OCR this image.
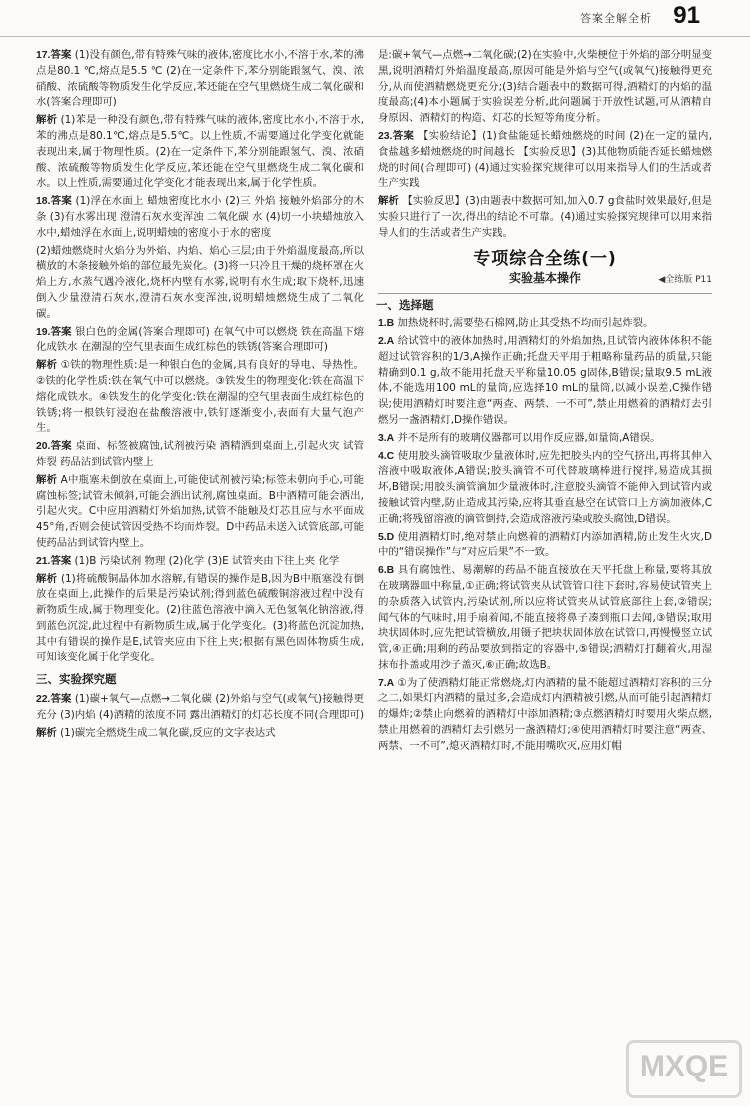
答案全解全析 91

17.答案 (1)没有颜色,带有特殊气味的液体,密度比水小,不溶于水,苯的沸点是80.1 ℃,熔点是5.5 ℃ (2)在一定条件下,苯分别能跟氢气、溴、浓硝酸、浓硫酸等物质发生化学反应,苯还能在空气里燃烧生成二氧化碳和水(答案合理即可)

解析 (1)苯是一种没有颜色,带有特殊气味的液体,密度比水小,不溶于水,苯的沸点是80.1℃,熔点是5.5℃。以上性质,不需要通过化学变化就能表现出来,属于物理性质。(2)在一定条件下,苯分别能跟氢气、溴、浓硝酸、浓硫酸等物质发生化学反应,苯还能在空气里燃烧生成二氧化碳和水。以上性质,需要通过化学变化才能表现出来,属于化学性质。

18.答案 (1)浮在水面上 蜡烛密度比水小 (2)三 外焰 接触外焰部分的木条 (3)有水雾出现 澄清石灰水变浑浊 二氧化碳 水 (4)切一小块蜡烛放入水中,蜡烛浮在水面上,说明蜡烛的密度小于水的密度

(2)蜡烛燃烧时火焰分为外焰、内焰、焰心三层;由于外焰温度最高,所以横放的木条接触外焰的部位最先炭化。(3)将一只冷且干燥的烧杯罩在火焰上方,水蒸气遇冷液化,烧杯内壁有水雾,说明有水生成;取下烧杯,迅速倒入少量澄清石灰水,澄清石灰水变浑浊,说明蜡烛燃烧生成了二氧化碳。

19.答案 银白色的金属(答案合理即可) 在氧气中可以燃烧 铁在高温下熔化成铁水 在潮湿的空气里表面生成红棕色的铁锈(答案合理即可)

解析 ①铁的物理性质:是一种银白色的金属,具有良好的导电、导热性。②铁的化学性质:铁在氧气中可以燃烧。③铁发生的物理变化:铁在高温下熔化成铁水。④铁发生的化学变化:铁在潮湿的空气里表面生成红棕色的铁锈;将一根铁钉浸泡在盐酸溶液中,铁钉逐渐变小,表面有大量气泡产生。

20.答案 桌面、标签被腐蚀,试剂被污染 酒精洒到桌面上,引起火灾 试管炸裂 药品沾到试管内壁上

解析 A中瓶塞未倒放在桌面上,可能使试剂被污染;标签未朝向手心,可能腐蚀标签;试管未倾斜,可能会洒出试剂,腐蚀桌面。B中酒精可能会洒出,引起火灾。C中应用酒精灯外焰加热,试管不能触及灯芯且应与水平面成45°角,否则会使试管因受热不均而炸裂。D中药品未送入试管底部,可能使药品沾到试管内壁上。

21.答案 (1)B 污染试剂 物理 (2)化学 (3)E 试管夹由下往上夹 化学

解析 (1)将硫酸铜晶体加水溶解,有错误的操作是B,因为B中瓶塞没有倒放在桌面上,此操作的后果是污染试剂;得到蓝色硫酸铜溶液过程中没有新物质生成,属于物理变化。(2)往蓝色溶液中滴入无色氢氧化钠溶液,得到蓝色沉淀,此过程中有新物质生成,属于化学变化。(3)将蓝色沉淀加热,其中有错误的操作是E,试管夹应由下往上夹;根据有黑色固体物质生成,可知该变化属于化学变化。

三、实验探究题

22.答案 (1)碳+氧气—点燃→二氧化碳 (2)外焰与空气(或氧气)接触得更充分 (3)内焰 (4)酒精的浓度不同 露出酒精灯的灯芯长度不同(合理即可)

解析 (1)碳完全燃烧生成二氧化碳,反应的文字表达式

是:碳+氧气—点燃→二氧化碳;(2)在实验中,火柴梗位于外焰的部分明显变黑,说明酒精灯外焰温度最高,原因可能是外焰与空气(或氧气)接触得更充分,从而使酒精燃烧更充分;(3)结合题表中的数据可得,酒精灯的内焰的温度最高;(4)本小题属于实验误差分析,此问题属于开放性试题,可从酒精自身原因、酒精灯的构造、灯芯的长短等角度分析。

23.答案 【实验结论】(1)食盐能延长蜡烛燃烧的时间 (2)在一定的量内,食盐越多蜡烛燃烧的时间越长 【实验反思】(3)其他物质能否延长蜡烛燃烧的时间(合理即可) (4)通过实验探究规律可以用来指导人们的生活或者生产实践

解析 【实验反思】(3)由题表中数据可知,加入0.7 g食盐时效果最好,但是实验只进行了一次,得出的结论不可靠。(4)通过实验探究规律可以用来指导人们的生活或者生产实践。

专项综合全练(一)
实验基本操作	◀全练版 P11
一、选择题

1.B 加热烧杯时,需要垫石棉网,防止其受热不均而引起炸裂。

2.A 给试管中的液体加热时,用酒精灯的外焰加热,且试管内液体体积不能超过试管容积的1/3,A操作正确;托盘天平用于粗略称量药品的质量,只能精确到0.1 g,故不能用托盘天平称量10.05 g固体,B错误;量取9.5 mL液体,不能选用100 mL的量筒,应选择10 mL的量筒,以减小误差,C操作错误;使用酒精灯时要注意“两查、两禁、一不可”,禁止用燃着的酒精灯去引燃另一盏酒精灯,D操作错误。

3.A 并不是所有的玻璃仪器都可以用作反应器,如量筒,A错误。

4.C 使用胶头滴管吸取少量液体时,应先把胶头内的空气挤出,再将其伸入溶液中吸取液体,A错误;胶头滴管不可代替玻璃棒进行搅拌,易造成其损坏,B错误;用胶头滴管滴加少量液体时,注意胶头滴管不能伸入到试管内或接触试管内壁,防止造成其污染,应将其垂直悬空在试管口上方滴加液体,C正确;将残留溶液的滴管倒持,会造成溶液污染或胶头腐蚀,D错误。

5.D 使用酒精灯时,绝对禁止向燃着的酒精灯内添加酒精,防止发生火灾,D中的“错误操作”与“对应后果”不一致。

6.B 具有腐蚀性、易潮解的药品不能直接放在天平托盘上称量,要将其放在玻璃器皿中称量,①正确;将试管夹从试管管口往下套时,容易使试管夹上的杂质落入试管内,污染试剂,所以应将试管夹从试管底部往上套,②错误;闻气体的气味时,用手扇着闻,不能直接将鼻子凑到瓶口去闻,③错误;取用块状固体时,应先把试管横放,用镊子把块状固体放在试管口,再慢慢竖立试管,④正确;用剩的药品要放到指定的容器中,⑤错误;酒精灯打翻着火,用湿抹布扑盖或用沙子盖灭,⑥正确;故选B。

7.A ①为了使酒精灯能正常燃烧,灯内酒精的量不能超过酒精灯容积的三分之二,如果灯内酒精的量过多,会造成灯内酒精被引燃,从而可能引起酒精灯的爆炸;②禁止向燃着的酒精灯中添加酒精;③点燃酒精灯时要用火柴点燃,禁止用燃着的酒精灯去引燃另一盏酒精灯;④使用酒精灯时要注意“两查、两禁、一不可”,熄灭酒精灯时,不能用嘴吹灭,应用灯帽

MXQE
